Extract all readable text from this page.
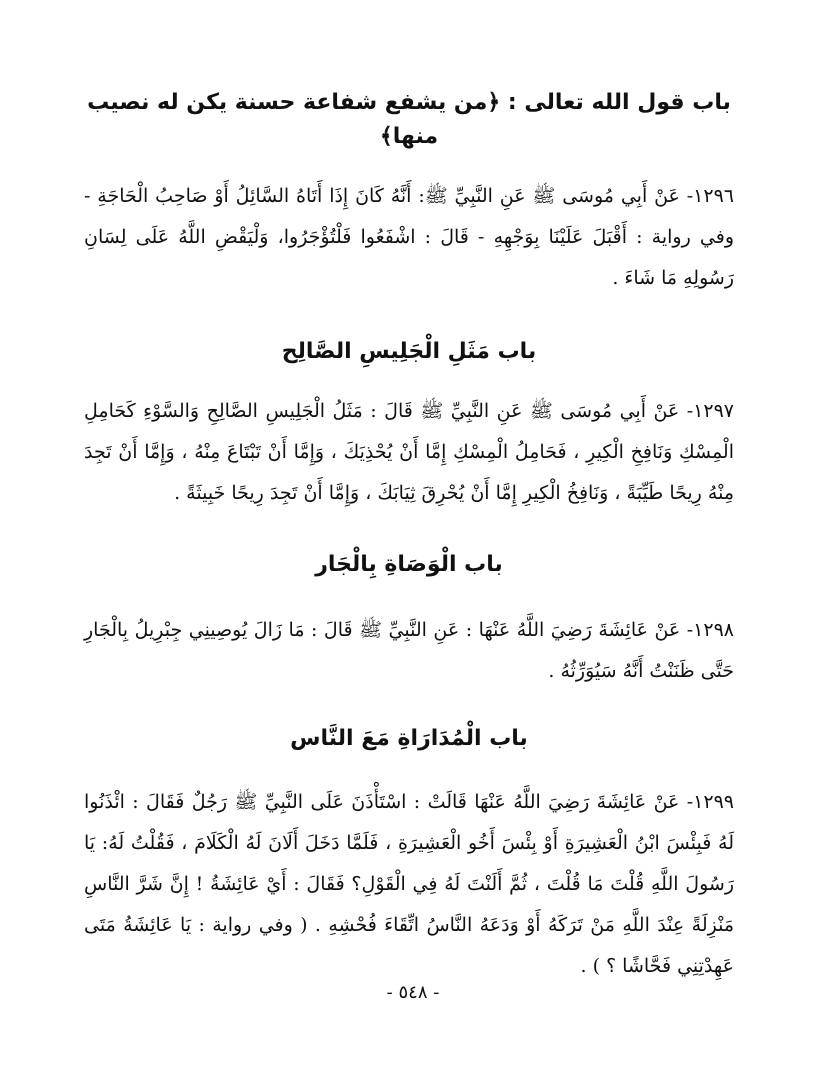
باب قول الله تعالى : ﴿من يشفع شفاعة حسنة يكن له نصيب منها﴾

١٢٩٦- عَنْ أَبِي مُوسَى ﷺ عَنِ النَّبِيِّ ﷺ: أَنَّهُ كَانَ إِذَا أَتَاهُ السَّائِلُ أَوْ صَاحِبُ الْحَاجَةِ - وفي رواية : أَقْبَلَ عَلَيْنَا بِوَجْهِهِ - قَالَ : اشْفَعُوا فَلْتُؤْجَرُوا، وَلْيَقْضِ اللَّهُ عَلَى لِسَانِ رَسُولِهِ مَا شَاءَ .

باب مَثَلِ الْجَلِيسِ الصَّالِح

١٢٩٧- عَنْ أَبِي مُوسَى ﷺ عَنِ النَّبِيِّ ﷺ قَالَ : مَثَلُ الْجَلِيسِ الصَّالِحِ وَالسَّوْءِ كَحَامِلِ الْمِسْكِ وَنَافِخِ الْكِيرِ ، فَحَامِلُ الْمِسْكِ إِمَّا أَنْ يُحْذِيَكَ ، وَإِمَّا أَنْ تَبْتَاعَ مِنْهُ ، وَإِمَّا أَنْ تَجِدَ مِنْهُ رِيحًا طَيِّبَةً ، وَنَافِخُ الْكِيرِ إِمَّا أَنْ يُحْرِقَ ثِيَابَكَ ، وَإِمَّا أَنْ تَجِدَ رِيحًا خَبِيثَةً .

باب الْوَصَاةِ بِالْجَار

١٢٩٨- عَنْ عَائِشَةَ رَضِيَ اللَّهُ عَنْهَا : عَنِ النَّبِيِّ ﷺ قَالَ : مَا زَالَ يُوصِينِي جِبْرِيلُ بِالْجَارِ حَتَّى ظَنَنْتُ أَنَّهُ سَيُوَرِّثُهُ .

باب الْمُدَارَاةِ مَعَ النَّاس

١٢٩٩- عَنْ عَائِشَةَ رَضِيَ اللَّهُ عَنْهَا قَالَتْ : اسْتَأْذَنَ عَلَى النَّبِيِّ ﷺ رَجُلٌ فَقَالَ : ائْذَنُوا لَهُ فَبِئْسَ ابْنُ الْعَشِيرَةِ أَوْ بِئْسَ أَخُو الْعَشِيرَةِ ، فَلَمَّا دَخَلَ أَلَانَ لَهُ الْكَلَامَ ، فَقُلْتُ لَهُ: يَا رَسُولَ اللَّهِ قُلْتَ مَا قُلْتَ ، ثُمَّ أَلَنْتَ لَهُ فِي الْقَوْلِ؟ فَقَالَ : أَيْ عَائِشَةُ ! إِنَّ شَرَّ النَّاسِ مَنْزِلَةً عِنْدَ اللَّهِ مَنْ تَرَكَهُ أَوْ وَدَعَهُ النَّاسُ اتِّقَاءَ فُحْشِهِ . ( وفي رواية : يَا عَائِشَةُ مَتَى عَهِدْتِنِي فَحَّاشًا ؟ ) .

- ٥٤٨ -
